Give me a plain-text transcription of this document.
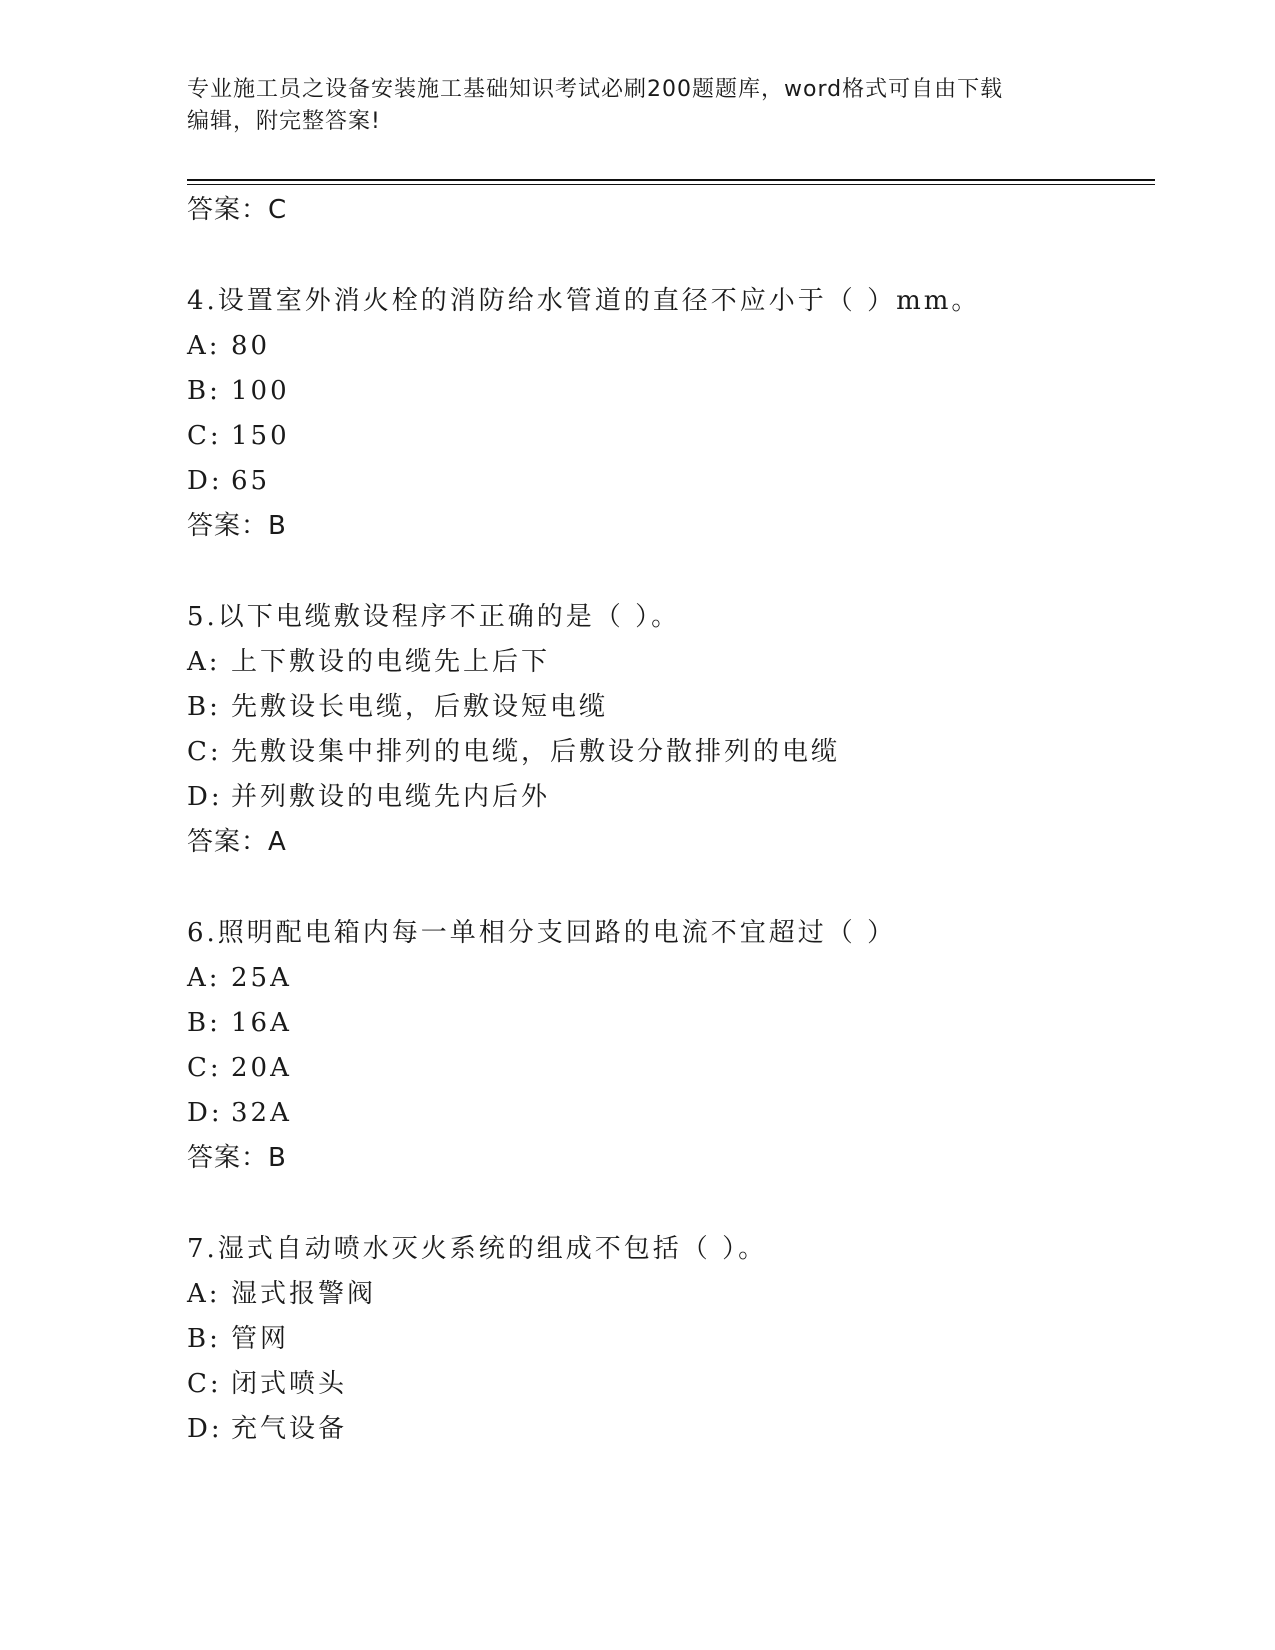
专业施工员之设备安装施工基础知识考试必刷200题题库，word格式可自由下载
编辑，附完整答案!
答案：C
4.设置室外消火栓的消防给水管道的直径不应小于（ ）mm。
A: 80
B: 100
C: 150
D: 65
答案：B
5.以下电缆敷设程序不正确的是（ ）。
A: 上下敷设的电缆先上后下
B: 先敷设长电缆，后敷设短电缆
C: 先敷设集中排列的电缆，后敷设分散排列的电缆
D: 并列敷设的电缆先内后外
答案：A
6.照明配电箱内每一单相分支回路的电流不宜超过（ ）
A: 25A
B: 16A
C: 20A
D: 32A
答案：B
7.湿式自动喷水灭火系统的组成不包括（ ）。
A: 湿式报警阀
B: 管网
C: 闭式喷头
D: 充气设备
